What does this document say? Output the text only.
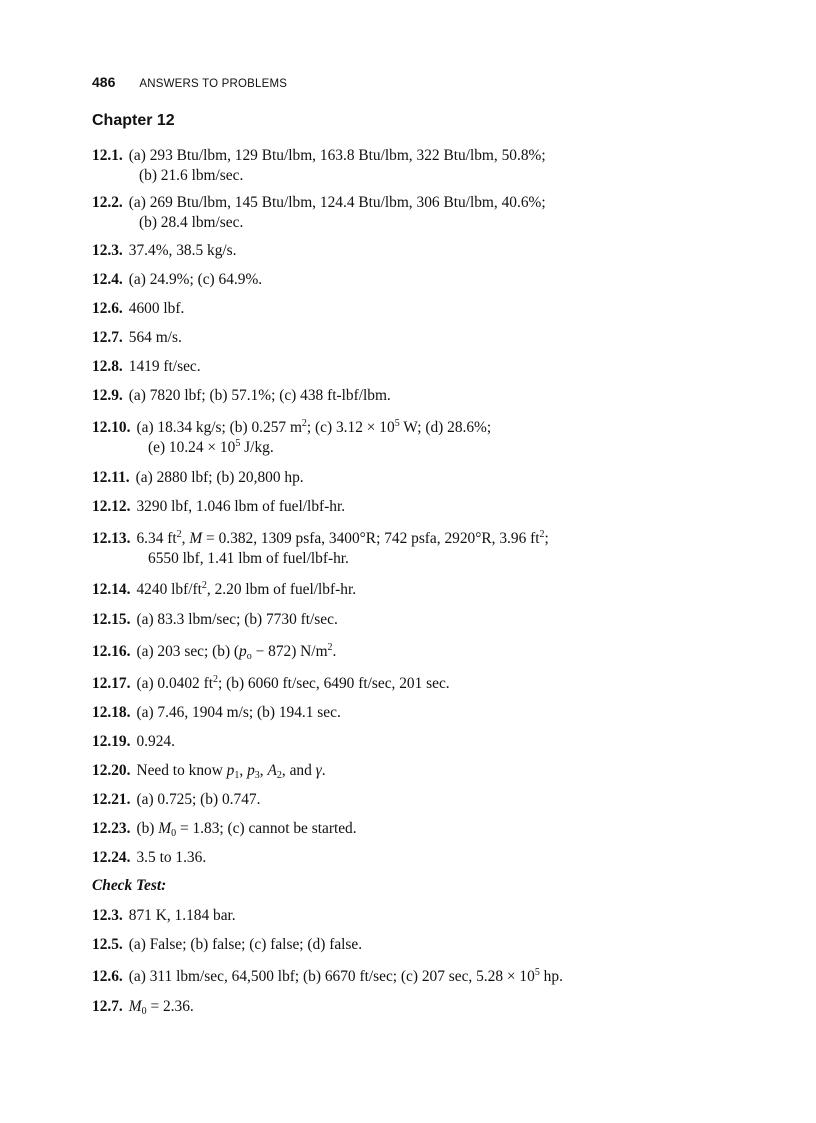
486 ANSWERS TO PROBLEMS
Chapter 12
12.1. (a) 293 Btu/lbm, 129 Btu/lbm, 163.8 Btu/lbm, 322 Btu/lbm, 50.8%;
(b) 21.6 lbm/sec.
12.2. (a) 269 Btu/lbm, 145 Btu/lbm, 124.4 Btu/lbm, 306 Btu/lbm, 40.6%;
(b) 28.4 lbm/sec.
12.3. 37.4%, 38.5 kg/s.
12.4. (a) 24.9%; (c) 64.9%.
12.6. 4600 lbf.
12.7. 564 m/s.
12.8. 1419 ft/sec.
12.9. (a) 7820 lbf; (b) 57.1%; (c) 438 ft-lbf/lbm.
12.10. (a) 18.34 kg/s; (b) 0.257 $m^2$; (c) $3.12 \times 10^5$ W; (d) 28.6%;
(e) $10.24 \times 10^5$ J/kg.
12.11. (a) 2880 lbf; (b) 20,800 hp.
12.12. 3290 lbf, 1.046 lbm of fuel/lbf-hr.
12.13. 6.34 $ft^2$, M = 0.382, 1309 psfa, 3400°R; 742 psfa, 2920°R, 3.96 $ft^2$;
6550 lbf, 1.41 lbm of fuel/lbf-hr.
12.14. 4240 lbf/$ft^2$, 2.20 lbm of fuel/lbf-hr.
12.15. (a) 83.3 lbm/sec; (b) 7730 ft/sec.
12.16. (a) 203 sec; (b) $(p_o - 872)$ $N/m^2$.
12.17. (a) 0.0402 $ft^2$; (b) 6060 ft/sec, 6490 ft/sec, 201 sec.
12.18. (a) 7.46, 1904 m/s; (b) 194.1 sec.
12.19. 0.924.
12.20. Need to know $p_1$, $p_3$, $A_2$, and γ.
12.21. (a) 0.725; (b) 0.747.
12.23. (b) $M_0 = 1.83$; (c) cannot be started.
12.24. 3.5 to 1.36.
Check Test:
12.3. 871 K, 1.184 bar.
12.5. (a) False; (b) false; (c) false; (d) false.
12.6. (a) 311 lbm/sec, 64,500 lbf; (b) 6670 ft/sec; (c) 207 sec, $5.28 \times 10^5$ hp.
12.7. $M_0 = 2.36$.
